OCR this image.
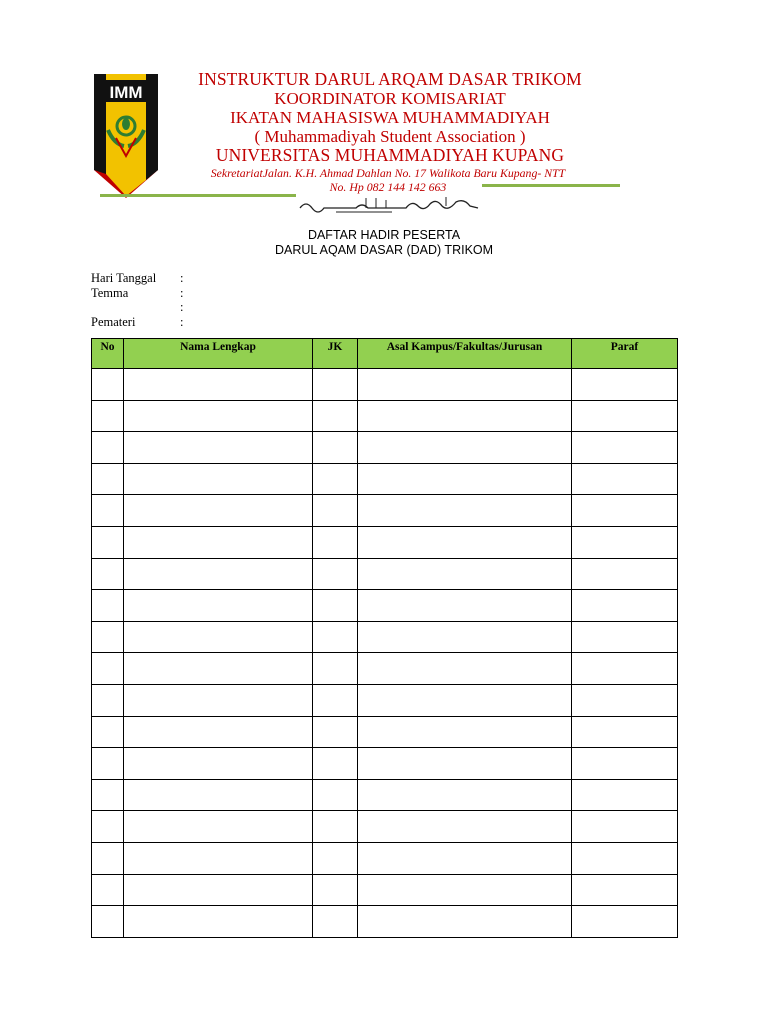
IMM
INSTRUKTUR DARUL ARQAM DASAR TRIKOM
KOORDINATOR KOMISARIAT
IKATAN MAHASISWA MUHAMMADIYAH
( Muhammadiyah Student Association )
UNIVERSITAS MUHAMMADIYAH KUPANG
SekretariatJalan. K.H. Ahmad Dahlan No. 17 Walikota Baru Kupang- NTT
No. Hp 082 144 142 663
DAFTAR HADIR PESERTA
DARUL AQAM DASAR (DAD) TRIKOM
Hari Tanggal :
Temma	:
:
Pemateri	:
No	Nama Lengkap	JK	Asal Kampus/Fakultas/Jurusan	Paraf
